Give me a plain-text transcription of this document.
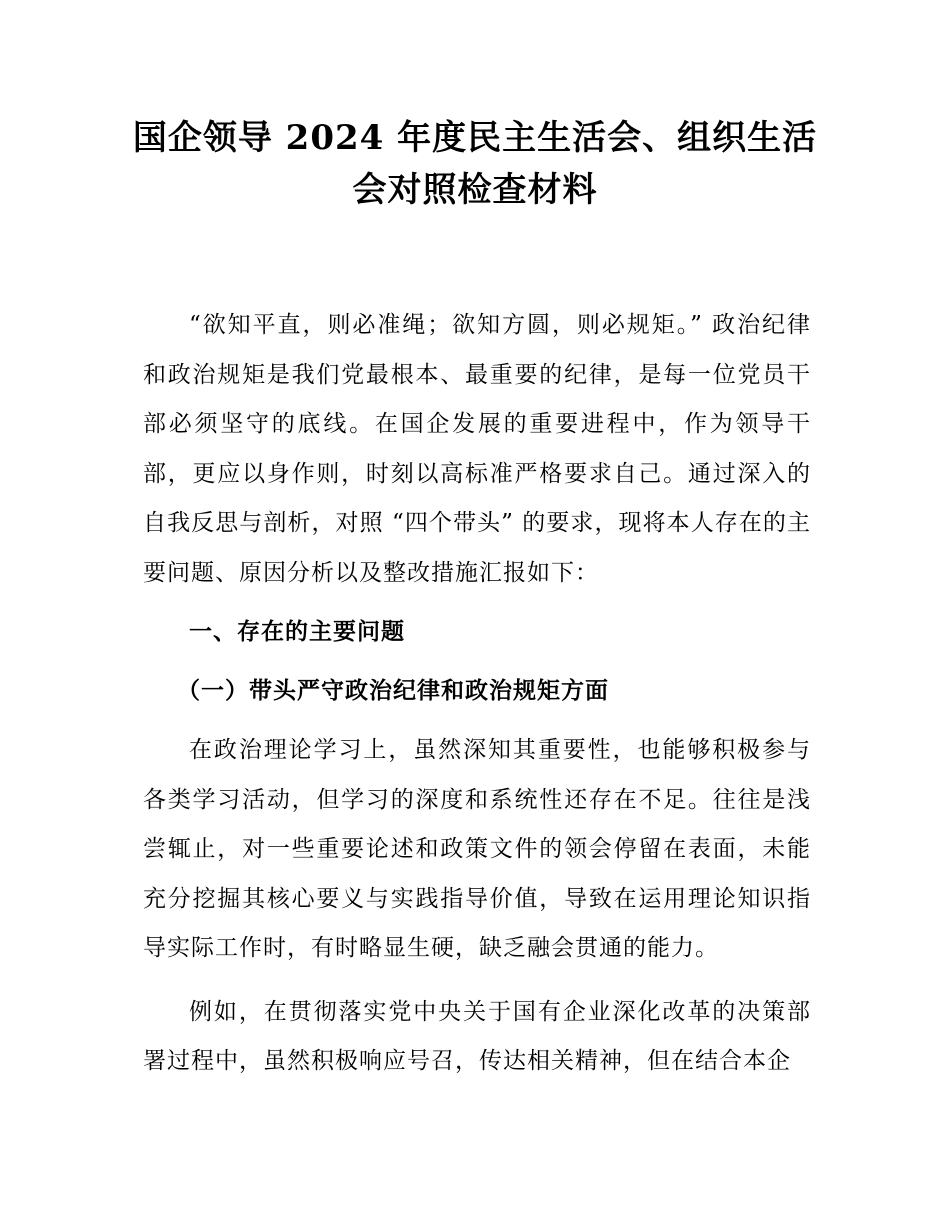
国企领导 2024 年度民主生活会、组织生活
会对照检查材料

“欲知平直，则必准绳；欲知方圆，则必规矩。” 政治纪律和政治规矩是我们党最根本、最重要的纪律，是每一位党员干部必须坚守的底线。在国企发展的重要进程中，作为领导干部，更应以身作则，时刻以高标准严格要求自己。通过深入的自我反思与剖析，对照 “四个带头” 的要求，现将本人存在的主要问题、原因分析以及整改措施汇报如下：

一、存在的主要问题

（一）带头严守政治纪律和政治规矩方面

在政治理论学习上，虽然深知其重要性，也能够积极参与各类学习活动，但学习的深度和系统性还存在不足。往往是浅尝辄止，对一些重要论述和政策文件的领会停留在表面，未能充分挖掘其核心要义与实践指导价值，导致在运用理论知识指导实际工作时，有时略显生硬，缺乏融会贯通的能力。

例如，在贯彻落实党中央关于国有企业深化改革的决策部署过程中，虽然积极响应号召，传达相关精神，但在结合本企
